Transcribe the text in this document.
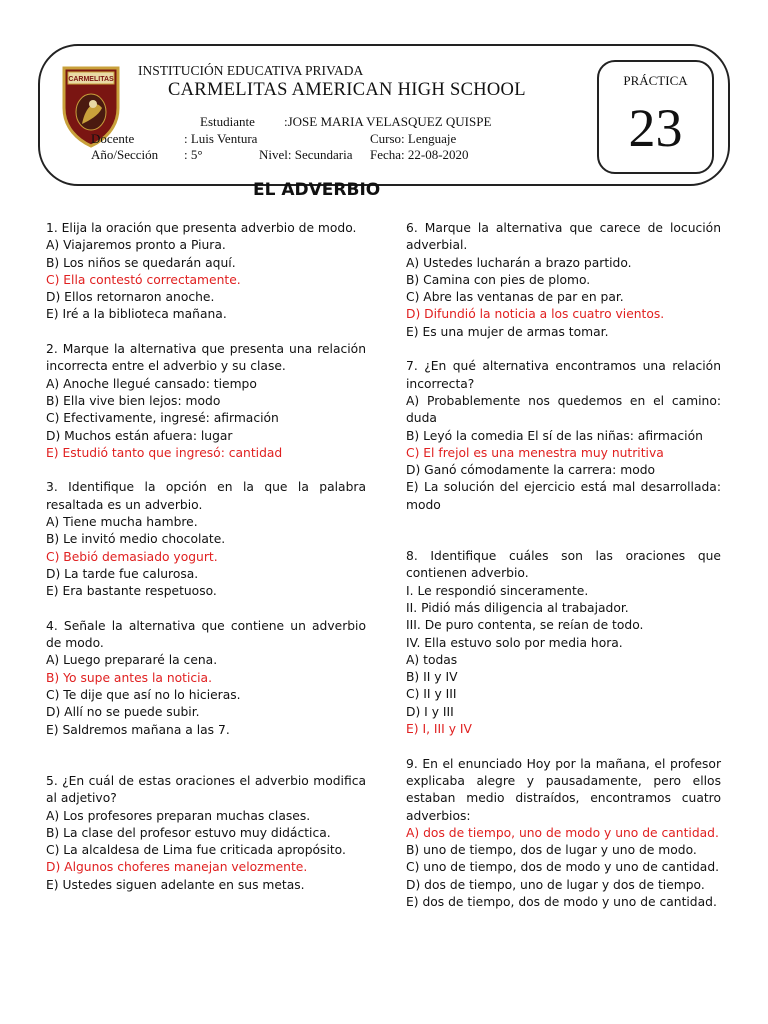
CARMELITAS
INSTITUCIÓN EDUCATIVA PRIVADA
CARMELITAS AMERICAN HIGH SCHOOL
Estudiante :JOSE MARIA VELASQUEZ QUISPE
Docente	: Luis Ventura	Curso: Lenguaje
Año/Sección : 5°	Nivel: Secundaria Fecha: 22-08-2020
PRÁCTICA
23
EL ADVERBIO

1. Elija la oración que presenta adverbio de modo.

A) Viajaremos pronto a Piura.

B) Los niños se quedarán aquí.

C) Ella contestó correctamente.

D) Ellos retornaron anoche.

E) Iré a la biblioteca mañana.

2. Marque la alternativa que presenta una relación incorrecta entre el adverbio y su clase.

A) Anoche llegué cansado: tiempo

B) Ella vive bien lejos: modo

C) Efectivamente, ingresé: afirmación

D) Muchos están afuera: lugar

E) Estudió tanto que ingresó: cantidad

3. Identifique la opción en la que la palabra resaltada es un adverbio.

A) Tiene mucha hambre.

B) Le invitó medio chocolate.

C) Bebió demasiado yogurt.

D) La tarde fue calurosa.

E) Era bastante respetuoso.

4. Señale la alternativa que contiene un adverbio de modo.

A) Luego prepararé la cena.

B) Yo supe antes la noticia.

C) Te dije que así no lo hicieras.

D) Allí no se puede subir.

E) Saldremos mañana a las 7.

5. ¿En cuál de estas oraciones el adverbio modifica al adjetivo?

A) Los profesores preparan muchas clases.

B) La clase del profesor estuvo muy didáctica.

C) La alcaldesa de Lima fue criticada apropósito.

D) Algunos choferes manejan velozmente.

E) Ustedes siguen adelante en sus metas.

6. Marque la alternativa que carece de locución adverbial.

A) Ustedes lucharán a brazo partido.

B) Camina con pies de plomo.

C) Abre las ventanas de par en par.

D) Difundió la noticia a los cuatro vientos.

E) Es una mujer de armas tomar.

7. ¿En qué alternativa encontramos una relación incorrecta?

A) Probablemente nos quedemos en el camino: duda

B) Leyó la comedia El sí de las niñas: afirmación

C) El frejol es una menestra muy nutritiva

D) Ganó cómodamente la carrera: modo

E) La solución del ejercicio está mal desarrollada: modo

8. Identifique cuáles son las oraciones que contienen adverbio.

I. Le respondió sinceramente.

II. Pidió más diligencia al trabajador.

III. De puro contenta, se reían de todo.

IV. Ella estuvo solo por media hora.

A) todas

B) II y IV

C) II y III

D) I y III

E) I, III y IV

9. En el enunciado Hoy por la mañana, el profesor explicaba alegre y pausadamente, pero ellos estaban medio distraídos, encontramos cuatro adverbios:

A) dos de tiempo, uno de modo y uno de cantidad.

B) uno de tiempo, dos de lugar y uno de modo.

C) uno de tiempo, dos de modo y uno de cantidad.

D) dos de tiempo, uno de lugar y dos de tiempo.

E) dos de tiempo, dos de modo y uno de cantidad.
